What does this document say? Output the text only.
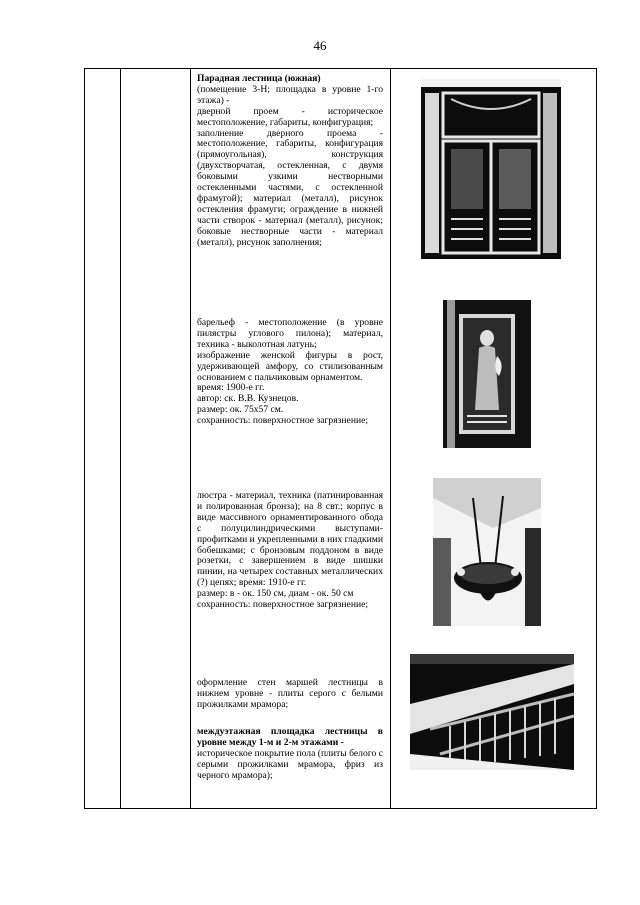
46

Парадная лестница (южная)

(помещение 3-Н; площадка в уровне 1-го этажа) -

дверной проем - историческое местоположение, габариты, конфигурация;

заполнение дверного проема - местоположение, габариты, конфигурация (прямоугольная), конструкция (двухстворчатая, остекленная, с двумя боковыми узкими нестворными остекленными частями, с остекленной фрамугой); материал (металл), рисунок остекления фрамуги; ограждение в нижней части створок - материал (металл), рисунок; боковые нестворные части - материал (металл), рисунок заполнения;

барельеф - местоположение (в уровне пилястры углового пилона); материал, техника - выколотная латунь;

изображение женской фигуры в рост, удерживающей амфору, со стилизованным основанием с пальчиковым орнаментом.

время: 1900-е гг.

автор: ск. В.В. Кузнецов.

размер: ок. 75х57 см.

сохранность: поверхностное загрязнение;

люстра - материал, техника (патинированная и полированная бронза); на 8 свт.; корпус в виде массивного орнаментированного обода с полуцилиндрическими выступами-профитками и укрепленными в них гладкими бобешками; с бронзовым поддоном в виде розетки, с завершением в виде шишки пинии, на четырех составных металлических (?) цепях; время: 1910-е гг.

размер: в - ок. 150 см, диам - ок. 50 см

сохранность: поверхностное загрязнение;

оформление стен маршей лестницы в нижнем уровне - плиты серого с белыми прожилками мрамора;

междуэтажная площадка лестницы в уровне между 1-м и 2-м этажами -

историческое покрытие пола (плиты белого с серыми прожилками мрамора, фриз из черного мрамора);
